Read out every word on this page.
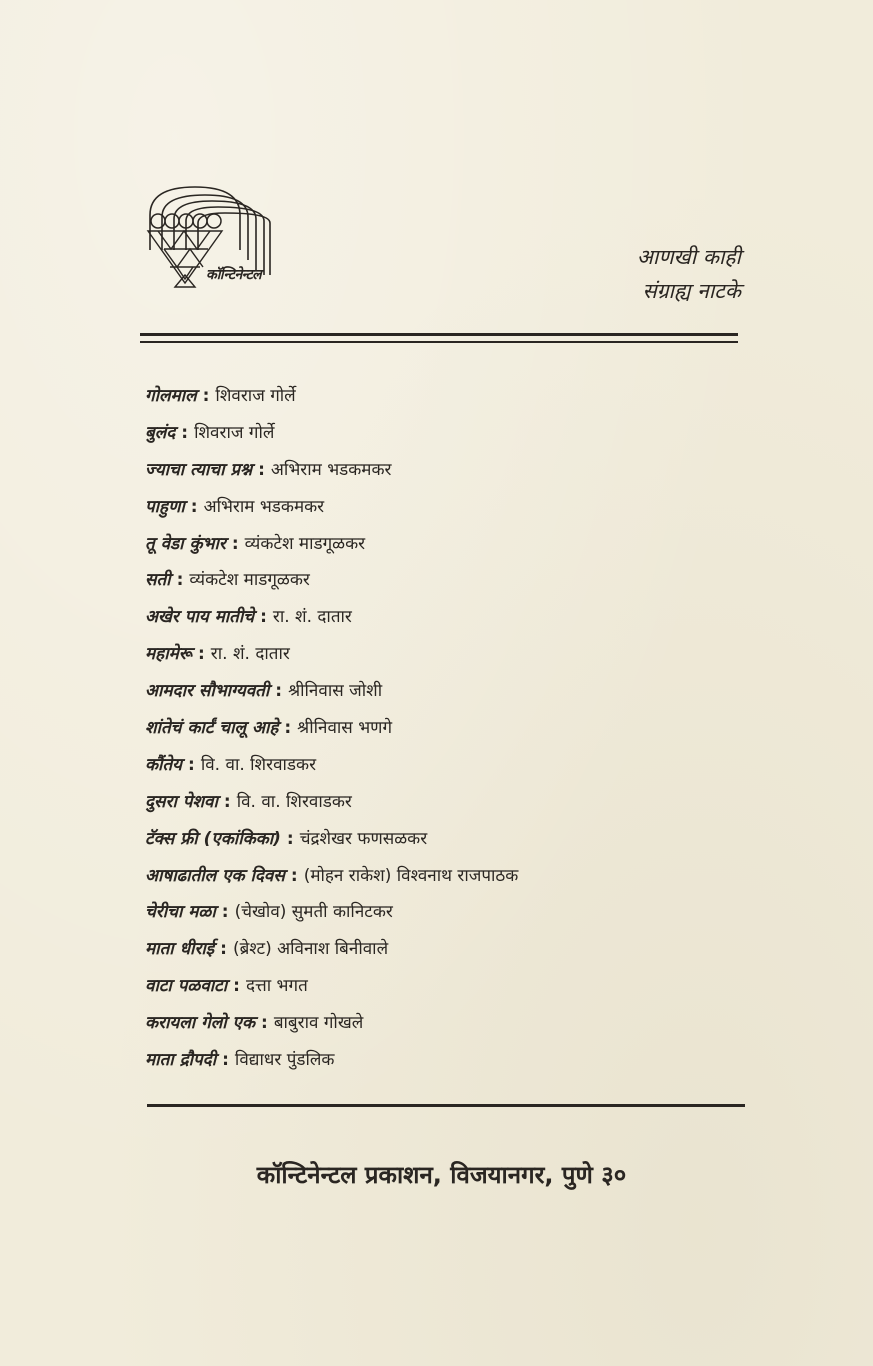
कॉन्टिनेन्टल
आणखी काही
संग्राह्य नाटके
गोलमाल : शिवराज गोर्ले
बुलंद : शिवराज गोर्ले
ज्याचा त्याचा प्रश्न : अभिराम भडकमकर
पाहुणा : अभिराम भडकमकर
तू वेडा कुंभार : व्यंकटेश माडगूळकर
सती : व्यंकटेश माडगूळकर
अखेर पाय मातीचे : रा. शं. दातार
महामेरू : रा. शं. दातार
आमदार सौभाग्यवती : श्रीनिवास जोशी
शांतेचं कार्टं चालू आहे : श्रीनिवास भणगे
कौंतेय : वि. वा. शिरवाडकर
दुसरा पेशवा : वि. वा. शिरवाडकर
टॅक्स फ्री (एकांकिका) : चंद्रशेखर फणसळकर
आषाढातील एक दिवस : (मोहन राकेश) विश्वनाथ राजपाठक
चेरीचा मळा : (चेखोव) सुमती कानिटकर
माता धीराई : (ब्रेश्ट) अविनाश बिनीवाले
वाटा पळवाटा : दत्ता भगत
करायला गेलो एक : बाबुराव गोखले
माता द्रौपदी : विद्याधर पुंडलिक
कॉन्टिनेन्टल प्रकाशन, विजयानगर, पुणे ३०
